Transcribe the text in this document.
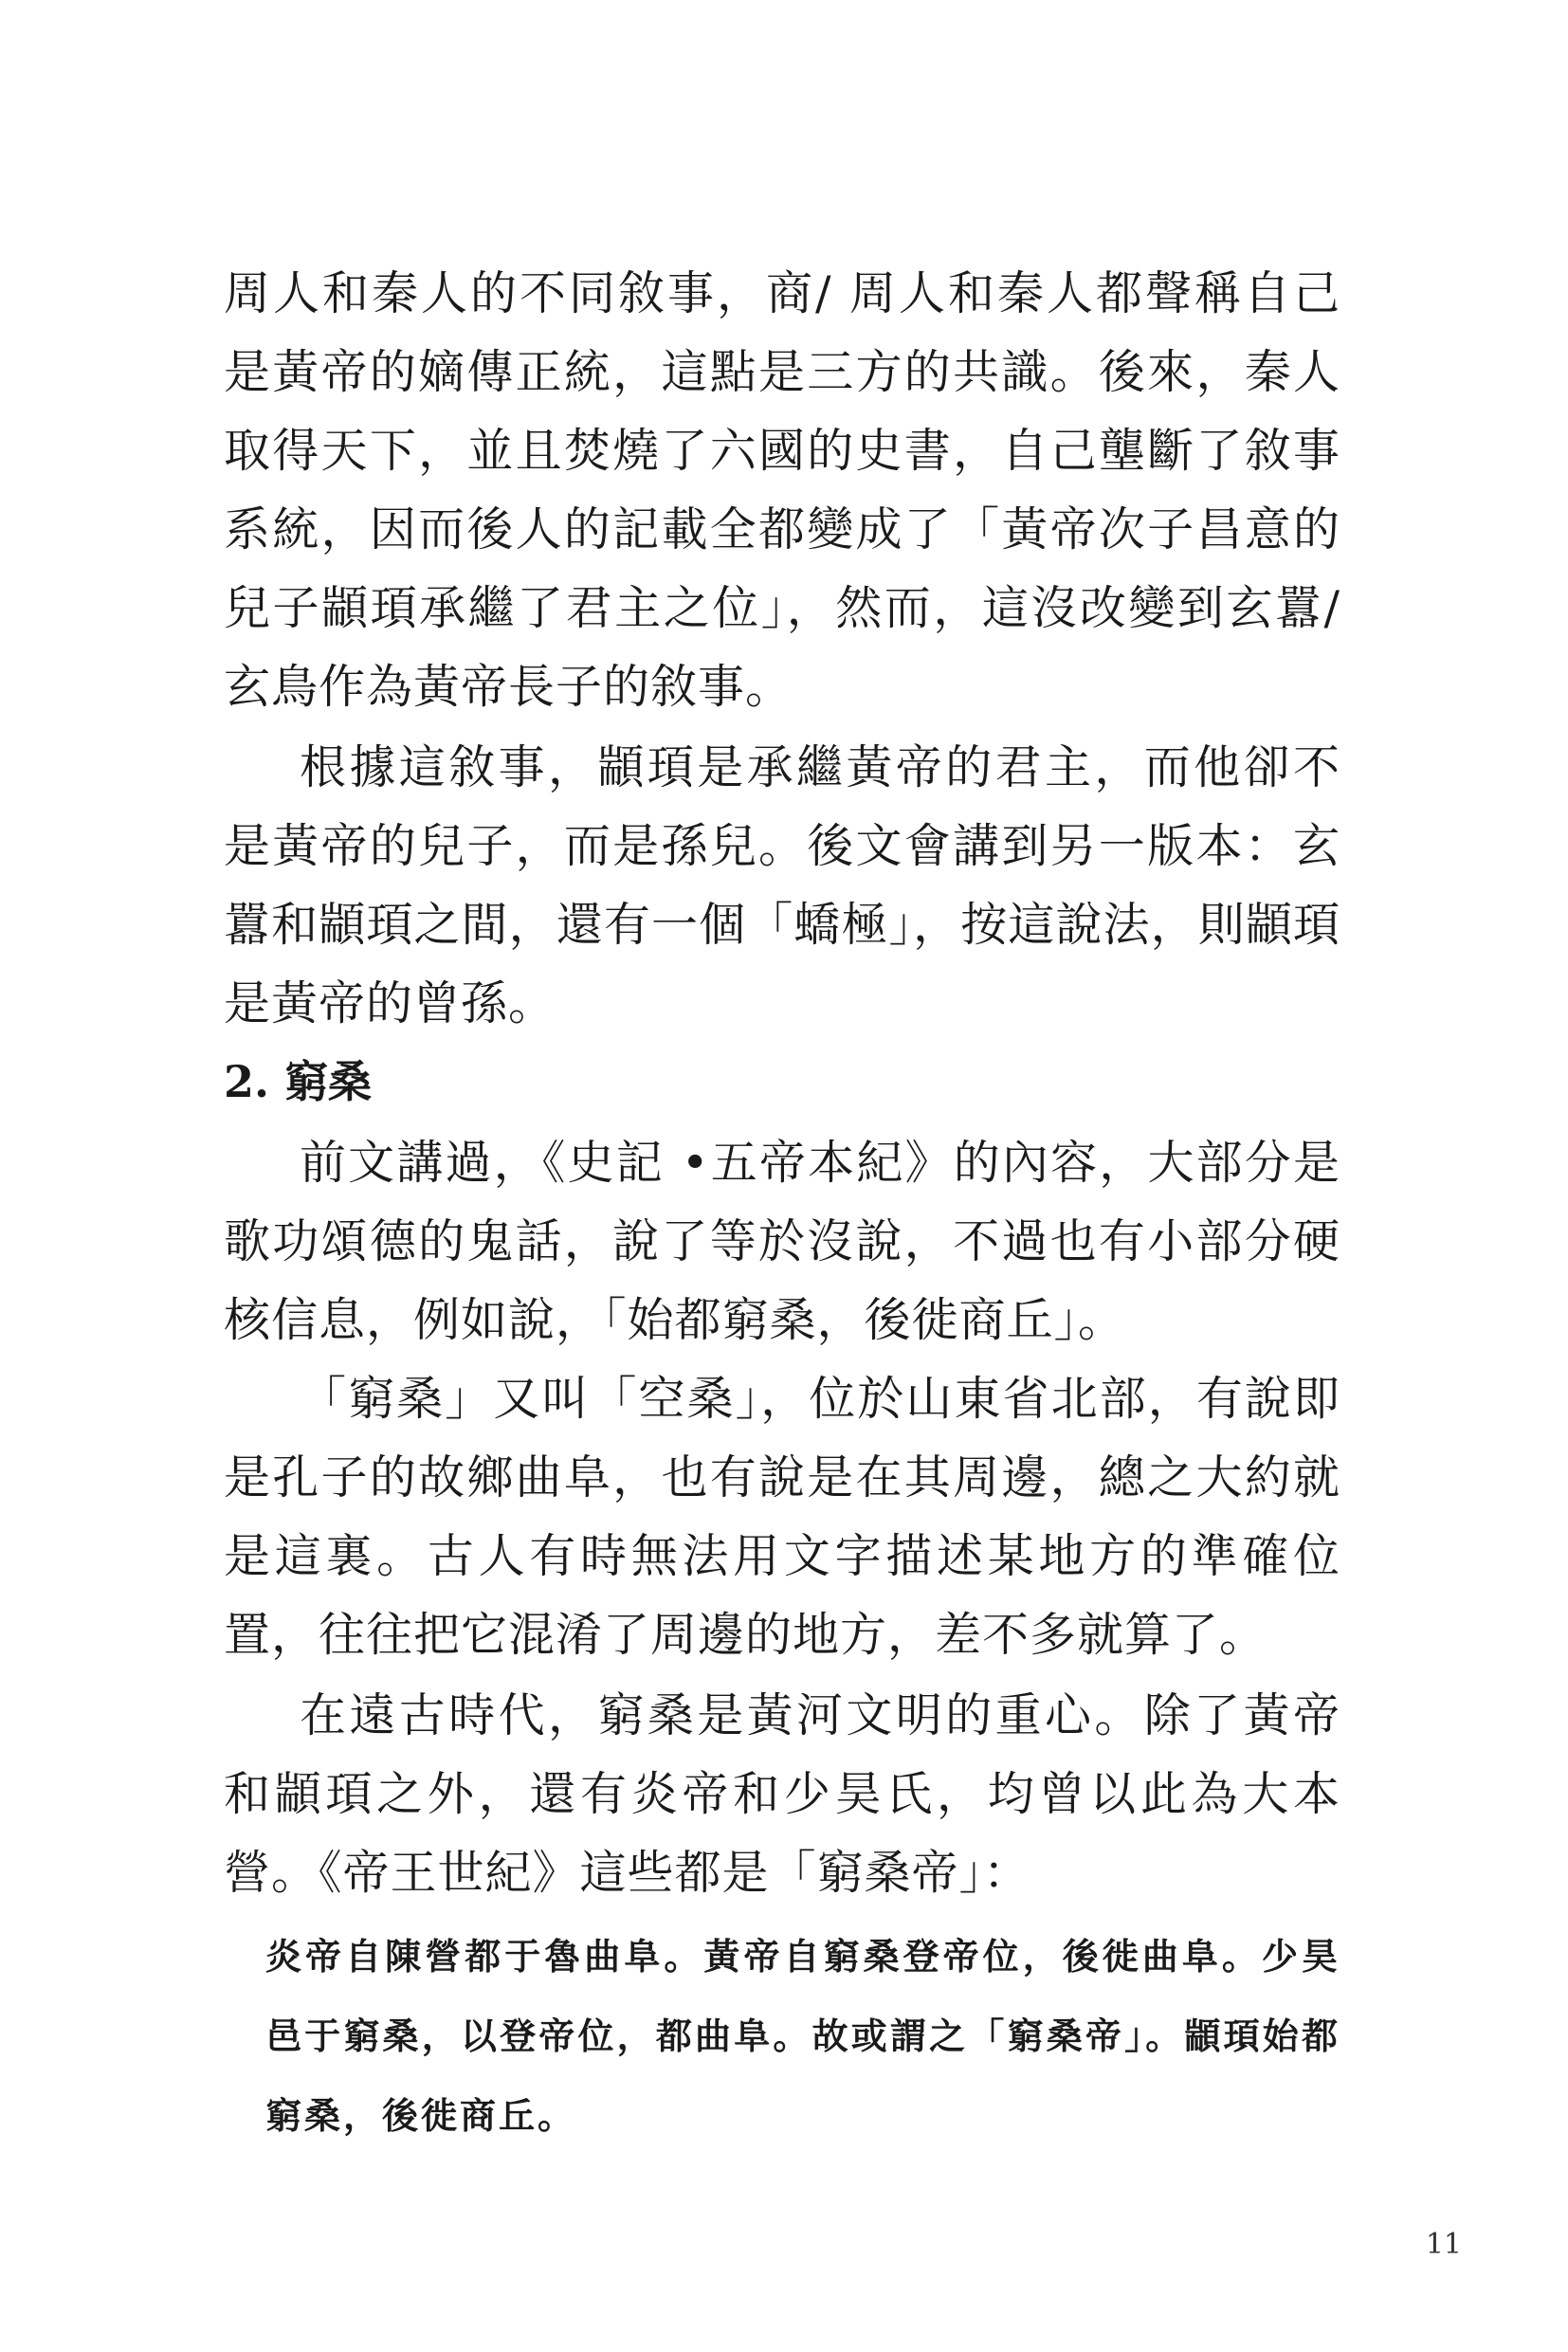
周人和秦人的不同敘事，商/ 周人和秦人都聲稱自己是黃帝的嫡傳正統，這點是三方的共識。後來，秦人取得天下，並且焚燒了六國的史書，自己壟斷了敘事系統，因而後人的記載全都變成了「黃帝次子昌意的兒子顓頊承繼了君主之位」，然而，這沒改變到玄囂/ 玄鳥作為黃帝長子的敘事。

根據這敘事，顓頊是承繼黃帝的君主，而他卻不是黃帝的兒子，而是孫兒。後文會講到另一版本：玄囂和顓頊之間，還有一個「蟜極」，按這說法，則顓頊是黃帝的曾孫。

2. 窮桑

前文講過，《史記 •五帝本紀》的內容，大部分是歌功頌德的鬼話，說了等於沒說，不過也有小部分硬核信息，例如說，「始都窮桑，後徙商丘」。

「窮桑」又叫「空桑」，位於山東省北部，有說即是孔子的故鄉曲阜，也有說是在其周邊，總之大約就是這裏。古人有時無法用文字描述某地方的準確位置，往往把它混淆了周邊的地方，差不多就算了。

在遠古時代，窮桑是黃河文明的重心。除了黃帝和顓頊之外，還有炎帝和少昊氏，均曾以此為大本營。《帝王世紀》這些都是「窮桑帝」：

炎帝自陳營都于魯曲阜。黃帝自窮桑登帝位，後徙曲阜。少昊邑于窮桑，以登帝位，都曲阜。故或謂之「窮桑帝」。顓頊始都窮桑，後徙商丘。

11
